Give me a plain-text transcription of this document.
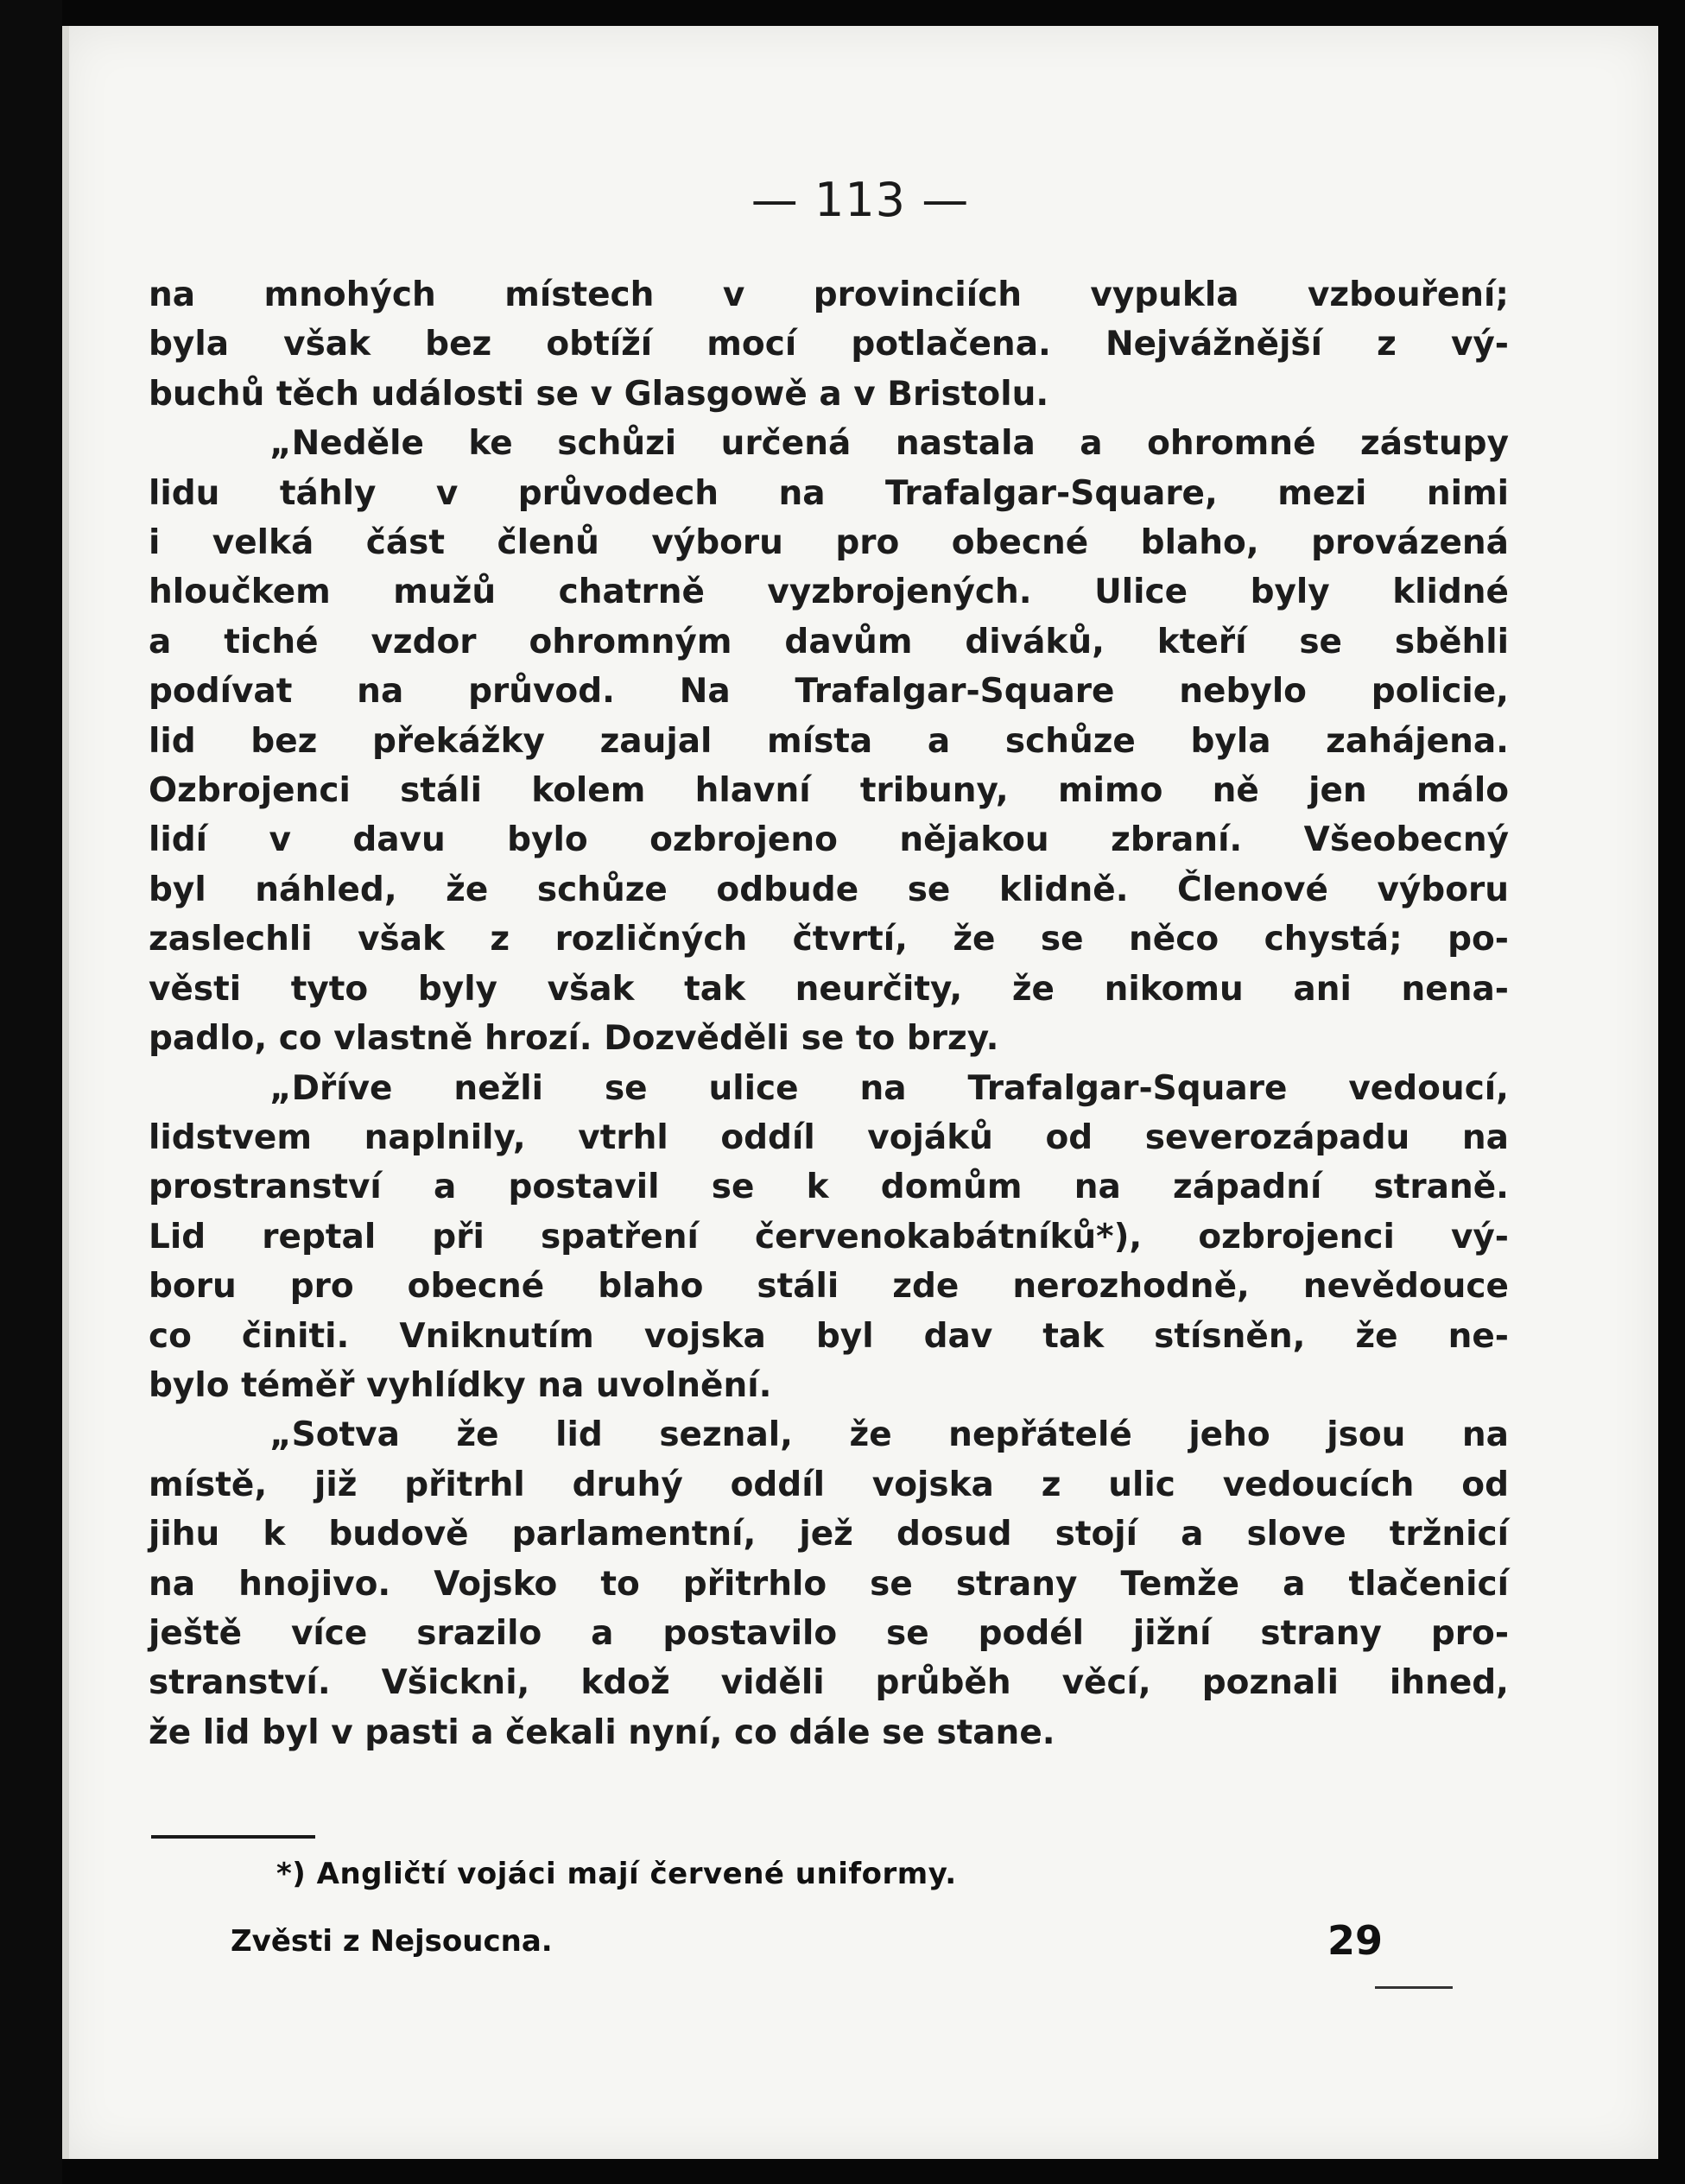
— 113 —
na mnohých místech v provinciích vypukla vzbouření;
byla však bez obtíží mocí potlačena. Nejvážnější z vý-
buchů těch události se v Glasgowě a v Bristolu.
„Neděle ke schůzi určená nastala a ohromné zástupy
lidu táhly v průvodech na Trafalgar-Square, mezi nimi
i velká část členů výboru pro obecné blaho, provázená
hloučkem mužů chatrně vyzbrojených. Ulice byly klidné
a tiché vzdor ohromným davům diváků, kteří se sběhli
podívat na průvod. Na Trafalgar-Square nebylo policie,
lid bez překážky zaujal místa a schůze byla zahájena.
Ozbrojenci stáli kolem hlavní tribuny, mimo ně jen málo
lidí v davu bylo ozbrojeno nějakou zbraní. Všeobecný
byl náhled, že schůze odbude se klidně. Členové výboru
zaslechli však z rozličných čtvrtí, že se něco chystá; po-
věsti tyto byly však tak neurčity, že nikomu ani nena-
padlo, co vlastně hrozí. Dozvěděli se to brzy.
„Dříve nežli se ulice na Trafalgar-Square vedoucí,
lidstvem naplnily, vtrhl oddíl vojáků od severozápadu na
prostranství a postavil se k domům na západní straně.
Lid reptal při spatření červenokabátníků*), ozbrojenci vý-
boru pro obecné blaho stáli zde nerozhodně, nevědouce
co činiti. Vniknutím vojska byl dav tak stísněn, že ne-
bylo téměř vyhlídky na uvolnění.
„Sotva že lid seznal, že nepřátelé jeho jsou na
místě, již přitrhl druhý oddíl vojska z ulic vedoucích od
jihu k budově parlamentní, jež dosud stojí a slove tržnicí
na hnojivo. Vojsko to přitrhlo se strany Temže a tlačenicí
ještě více srazilo a postavilo se podél jižní strany pro-
stranství. Všickni, kdož viděli průběh věcí, poznali ihned,
že lid byl v pasti a čekali nyní, co dále se stane.
*) Angličtí vojáci mají červené uniformy.
Zvěsti z Nejsoucna.	29
